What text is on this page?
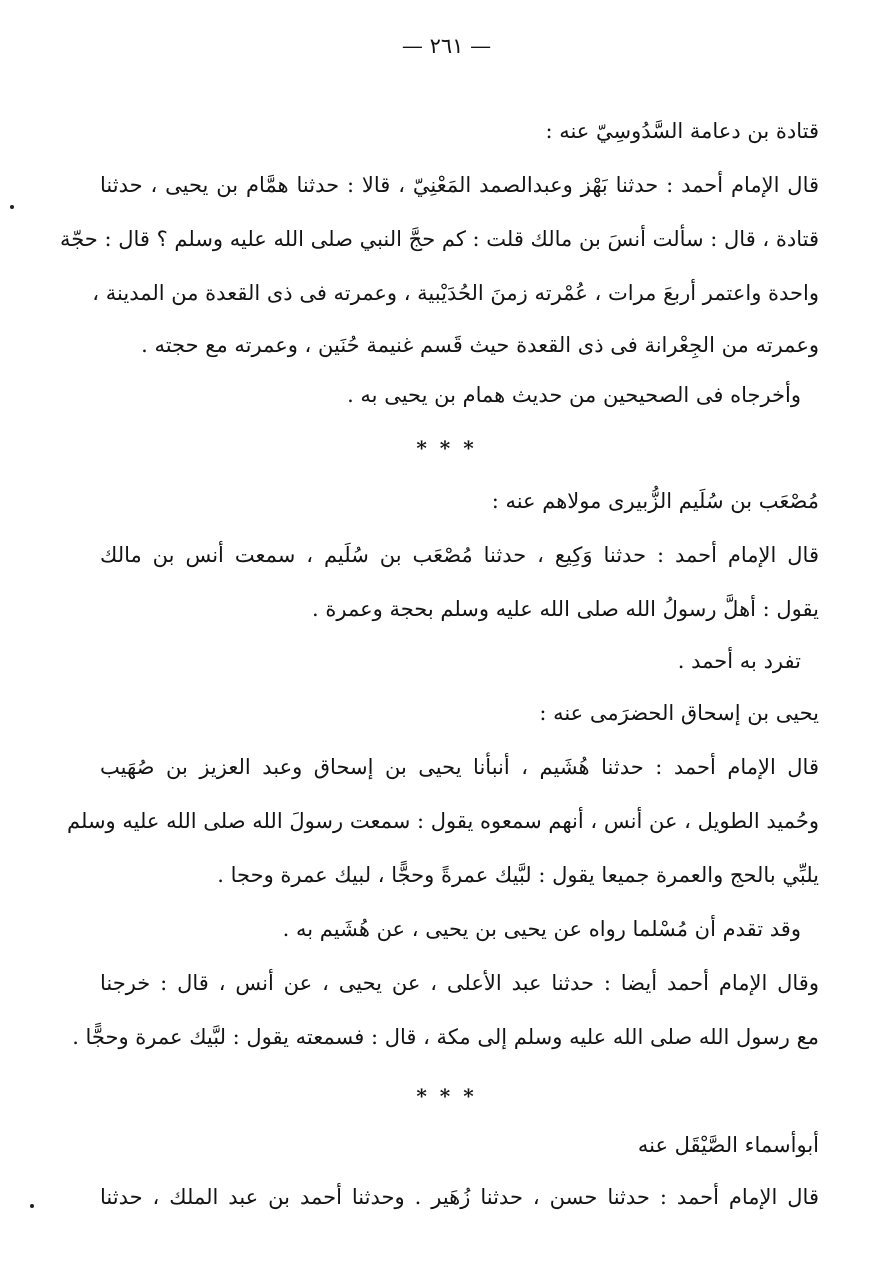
— ٢٦١ —
قتادة بن دعامة السَّدُوسِيّ عنه :
قال الإمام أحمد : حدثنا بَهْز وعبدالصمد المَعْنِيّ ، قالا : حدثنا همَّام بن يحيى ، حدثنا
قتادة ، قال : سألت أنسَ بن مالك قلت : كم حجَّ النبي صلى الله عليه وسلم ؟ قال : حجّة
واحدة واعتمر أربعَ مرات ، عُمْرته زمنَ الحُدَيْبية ، وعمرته فى ذى القعدة من المدينة ،
وعمرته من الجِعْرانة فى ذى القعدة حيث قَسم غنيمة حُنَين ، وعمرته مع حجته .
وأخرجاه فى الصحيحين من حديث همام بن يحيى به .
* * *
مُصْعَب بن سُلَيم الزُّبيرى مولاهم عنه :
قال الإمام أحمد : حدثنا وَكِيع ، حدثنا مُصْعَب بن سُلَيم ، سمعت أنس بن مالك
يقول : أهلَّ رسولُ الله صلى الله عليه وسلم بحجة وعمرة .
تفرد به أحمد .
يحيى بن إسحاق الحضرَمى عنه :
قال الإمام أحمد : حدثنا هُشَيم ، أنبأنا يحيى بن إسحاق وعبد العزيز بن صُهَيب
وحُميد الطويل ، عن أنس ، أنهم سمعوه يقول : سمعت رسولَ الله صلى الله عليه وسلم
يلبِّي بالحج والعمرة جميعا يقول : لبَّيك عمرةً وحجًّا ، لبيك عمرة وحجا .
وقد تقدم أن مُسْلما رواه عن يحيى بن يحيى ، عن هُشَيم به .
وقال الإمام أحمد أيضا : حدثنا عبد الأعلى ، عن يحيى ، عن أنس ، قال : خرجنا
مع رسول الله صلى الله عليه وسلم إلى مكة ، قال : فسمعته يقول : لبَّيك عمرة وحجًّا .
* * *
أبوأسماء الصَّيْقَل عنه
قال الإمام أحمد : حدثنا حسن ، حدثنا زُهَير . وحدثنا أحمد بن عبد الملك ، حدثنا
